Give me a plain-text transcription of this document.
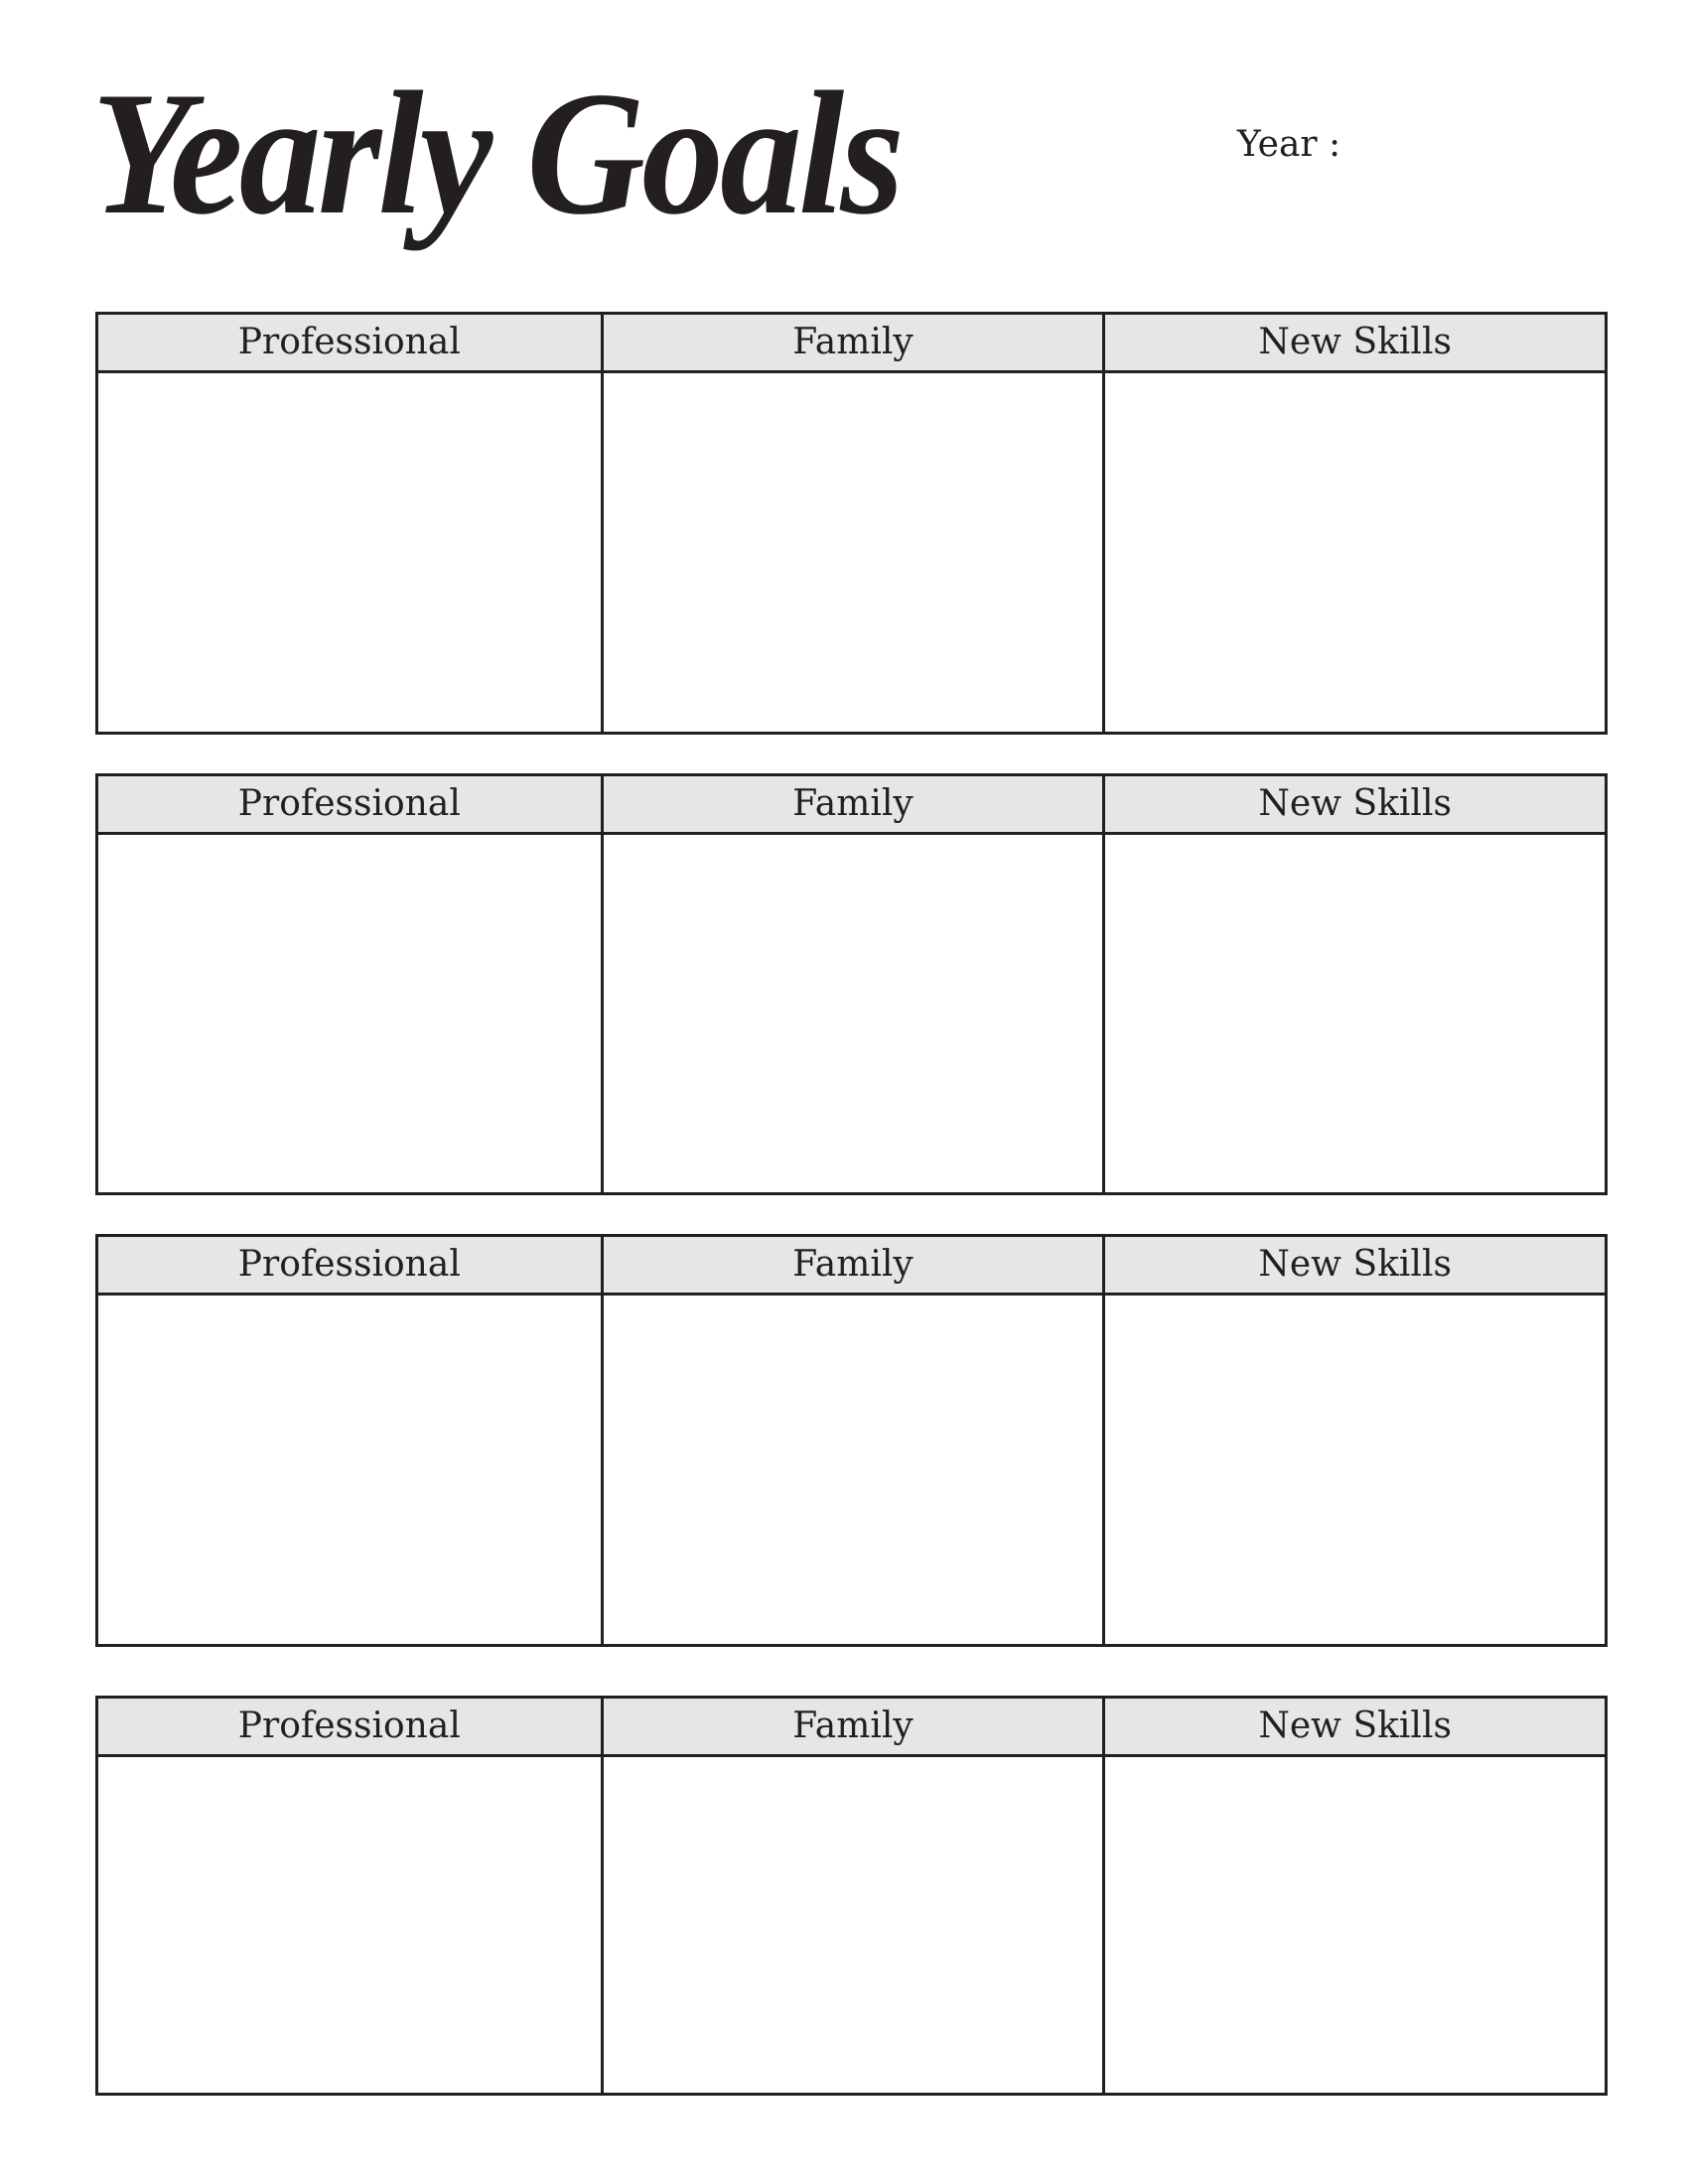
Yearly Goals	Year :
Professional	Family	New Skills
Professional	Family	New Skills
Professional	Family	New Skills
Professional	Family	New Skills
